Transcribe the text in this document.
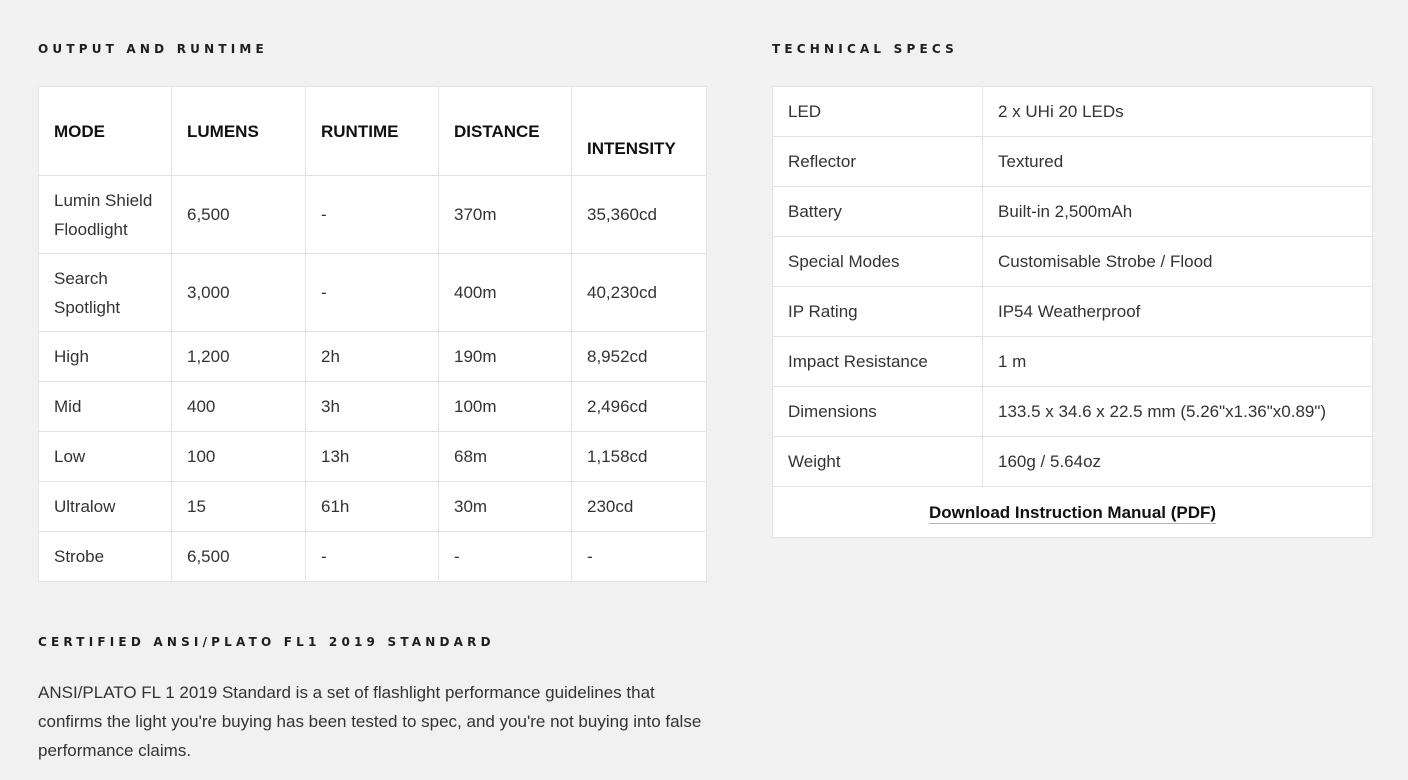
OUTPUT AND RUNTIME
MODE	LUMENS	RUNTIME	DISTANCE	INTENSITY
Lumin Shield Floodlight	6,500	-	370m	35,360cd
Search Spotlight	3,000	-	400m	40,230cd
High	1,200	2h	190m	8,952cd
Mid	400	3h	100m	2,496cd
Low	100	13h	68m	1,158cd
Ultralow	15	61h	30m	230cd
Strobe	6,500	-	-	-
TECHNICAL SPECS
LED	2 x UHi 20 LEDs
Reflector	Textured
Battery	Built-in 2,500mAh
Special Modes	Customisable Strobe / Flood
IP Rating	IP54 Weatherproof
Impact Resistance	1 m
Dimensions	133.5 x 34.6 x 22.5 mm (5.26"x1.36"x0.89")
Weight	160g / 5.64oz
Download Instruction Manual (PDF)	
CERTIFIED ANSI/PLATO FL1 2019 STANDARD

ANSI/PLATO FL 1 2019 Standard is a set of flashlight performance guidelines that confirms the light you're buying has been tested to spec, and you're not buying into false performance claims.
